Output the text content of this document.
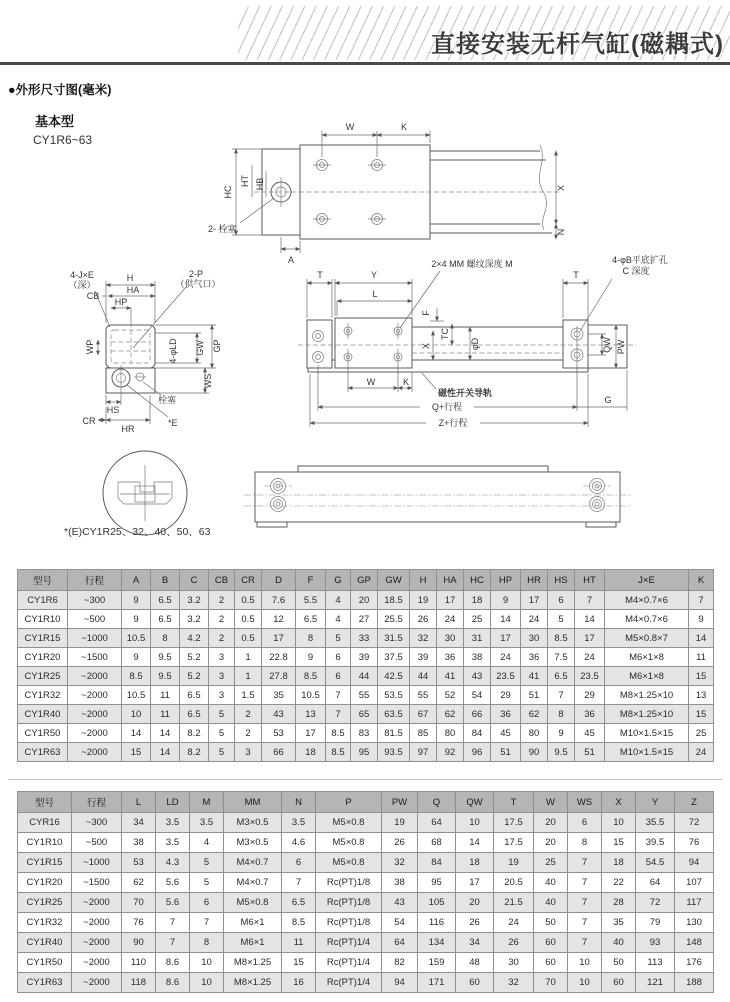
直接安装无杆气缸(磁耦式)
●外形尺寸图(毫米)
基本型
CY1R6~63
W	K
HC
HT HB	X
N
A
2- 栓塞
H
HA
HP
CB
4-J×E
（深）
2-P
（供气口）
WP	GW GP
4-φLD
WS
HS
栓塞
CR
HR
*E
T	Y
L
T
2×4 MM 螺纹深度 M	4-φB平底扩孔
C 深度
F
TC
X	φD	QW PW
W	K
磁性开关导轨
Q+行程
G
Z+行程
*(E)CY1R25、32、40、50、63
型号	行程	A	B	C	CB	CR	D	F	G	GP	GW	H	HA	HC	HP	HR	HS	HT	J×E	K
CY1R6	~300	9	6.5	3.2	2	0.5	7.6	5.5	4	20	18.5	19	17	18	9	17	6	7	M4×0.7×6	7
CY1R10	~500	9	6.5	3.2	2	0.5	12	6.5	4	27	25.5	26	24	25	14	24	5	14	M4×0.7×6	9
CY1R15	~1000	10.5	8	4.2	2	0.5	17	8	5	33	31.5	32	30	31	17	30	8.5	17	M5×0.8×7	14
CY1R20	~1500	9	9.5	5.2	3	1	22.8	9	6	39	37.5	39	36	38	24	36	7.5	24	M6×1×8	11
CY1R25	~2000	8.5	9.5	5.2	3	1	27.8	8.5	6	44	42.5	44	41	43	23.5	41	6.5	23.5	M6×1×8	15
CY1R32	~2000	10.5	11	6.5	3	1.5	35	10.5	7	55	53.5	55	52	54	29	51	7	29	M8×1.25×10	13
CY1R40	~2000	10	11	6.5	5	2	43	13	7	65	63.5	67	62	66	36	62	8	36	M8×1.25×10	15
CY1R50	~2000	14	14	8.2	5	2	53	17	8.5	83	81.5	85	80	84	45	80	9	45	M10×1.5×15	25
CY1R63	~2000	15	14	8.2	5	3	66	18	8.5	95	93.5	97	92	96	51	90	9.5	51	M10×1.5×15	24
型号	行程	L	LD	M	MM	N	P	PW	Q	QW	T	W	WS	X	Y	Z
CYR16	~300	34	3.5	3.5	M3×0.5	3.5	M5×0.8	19	64	10	17.5	20	6	10	35.5	72
CY1R10	~500	38	3.5	4	M3×0.5	4.6	M5×0.8	26	68	14	17.5	20	8	15	39.5	76
CY1R15	~1000	53	4.3	5	M4×0.7	6	M5×0.8	32	84	18	19	25	7	18	54.5	94
CY1R20	~1500	62	5.6	5	M4×0.7	7	Rc(PT)1/8	38	95	17	20.5	40	7	22	64	107
CY1R25	~2000	70	5.6	6	M5×0.8	6.5	Rc(PT)1/8	43	105	20	21.5	40	7	28	72	117
CY1R32	~2000	76	7	7	M6×1	8.5	Rc(PT)1/8	54	116	26	24	50	7	35	79	130
CY1R40	~2000	90	7	8	M6×1	11	Rc(PT)1/4	64	134	34	26	60	7	40	93	148
CY1R50	~2000	110	8.6	10	M8×1.25	15	Rc(PT)1/4	82	159	48	30	60	10	50	113	176
CY1R63	~2000	118	8.6	10	M8×1.25	16	Rc(PT)1/4	94	171	60	32	70	10	60	121	188
